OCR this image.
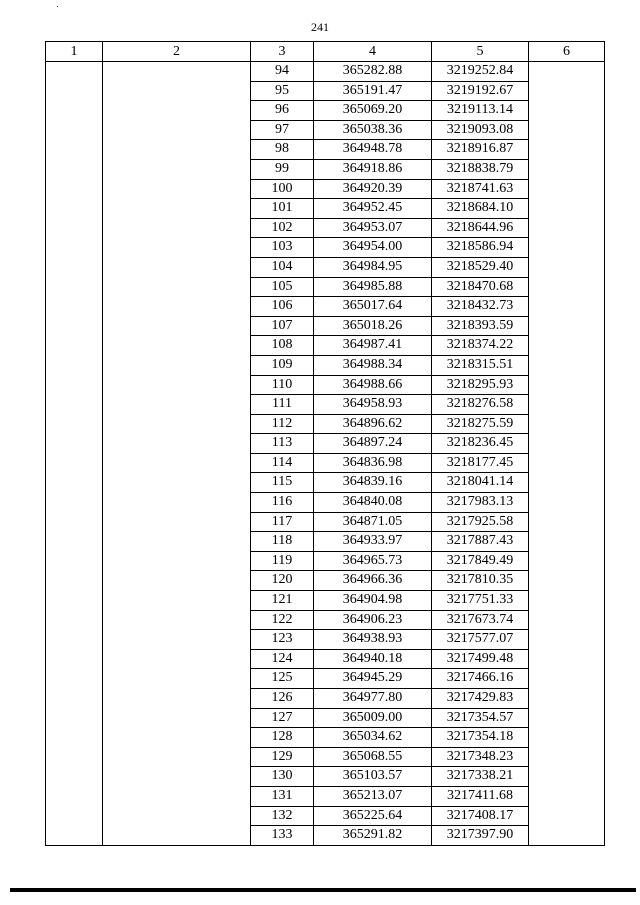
241
1	2	3	4	5	6
		94	365282.88	3219252.84	
		95	365191.47	3219192.67	
		96	365069.20	3219113.14	
		97	365038.36	3219093.08	
		98	364948.78	3218916.87	
		99	364918.86	3218838.79	
		100	364920.39	3218741.63	
		101	364952.45	3218684.10	
		102	364953.07	3218644.96	
		103	364954.00	3218586.94	
		104	364984.95	3218529.40	
		105	364985.88	3218470.68	
		106	365017.64	3218432.73	
		107	365018.26	3218393.59	
		108	364987.41	3218374.22	
		109	364988.34	3218315.51	
		110	364988.66	3218295.93	
		111	364958.93	3218276.58	
		112	364896.62	3218275.59	
		113	364897.24	3218236.45	
		114	364836.98	3218177.45	
		115	364839.16	3218041.14	
		116	364840.08	3217983.13	
		117	364871.05	3217925.58	
		118	364933.97	3217887.43	
		119	364965.73	3217849.49	
		120	364966.36	3217810.35	
		121	364904.98	3217751.33	
		122	364906.23	3217673.74	
		123	364938.93	3217577.07	
		124	364940.18	3217499.48	
		125	364945.29	3217466.16	
		126	364977.80	3217429.83	
		127	365009.00	3217354.57	
		128	365034.62	3217354.18	
		129	365068.55	3217348.23	
		130	365103.57	3217338.21	
		131	365213.07	3217411.68	
		132	365225.64	3217408.17	
		133	365291.82	3217397.90	
